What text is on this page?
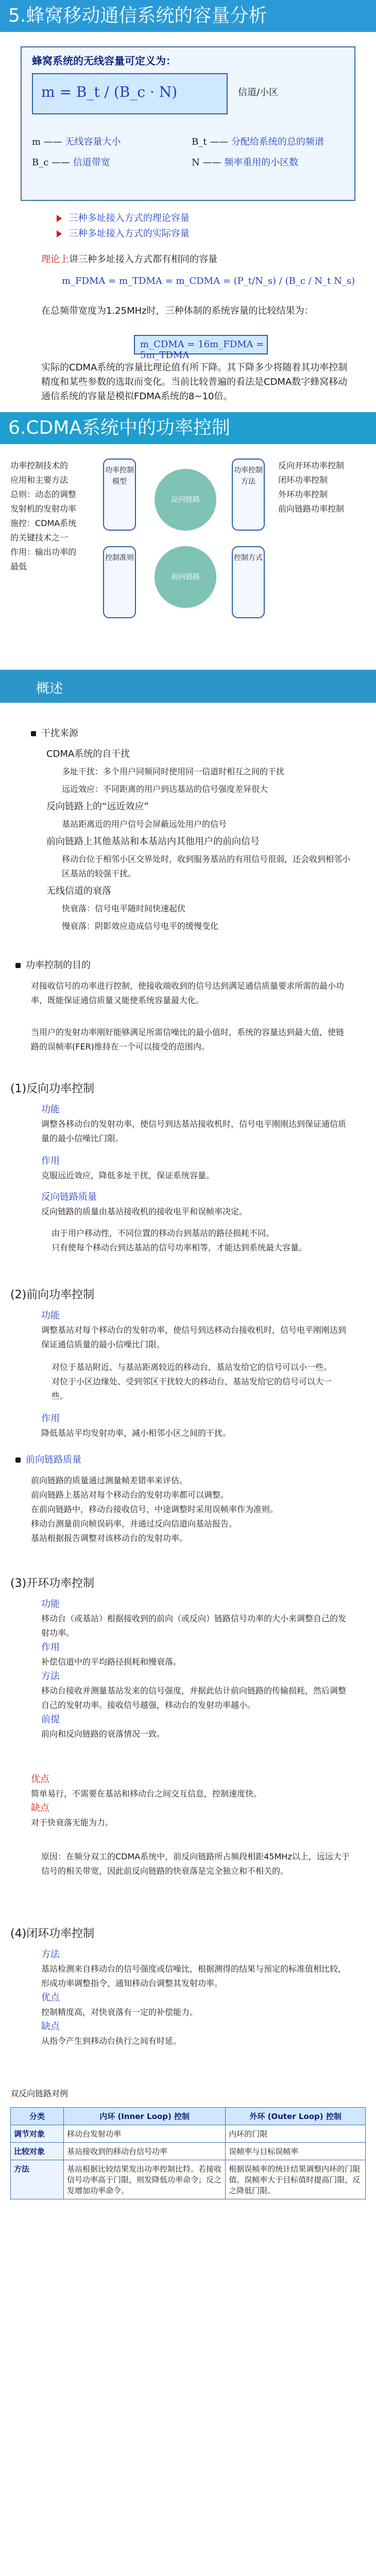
5.蜂窝移动通信系统的容量分析
蜂窝系统的无线容量可定义为：
m = B_t / (B_c · N)	信道/小区
m —— 无线容量大小	B_t —— 分配给系统的总的频谱
B_c —— 信道带宽	N —— 频率重用的小区数
三种多址接入方式的理论容量
三种多址接入方式的实际容量
理论上讲三种多址接入方式都有相同的容量
m_FDMA = m_TDMA = m_CDMA = (P_t/N_s) / (B_c / N_t N_s)
在总频带宽度为1.25MHz时，三种体制的系统容量的比较结果为：
m_CDMA = 16m_FDMA = 5m_TDMA
实际的CDMA系统的容量比理论值有所下降。其下降多少将随着其功率控制精度和某些参数的选取而变化。当前比较普遍的看法是CDMA数字蜂窝移动通信系统的容量是模拟FDMA系统的8~10倍。
6.CDMA系统中的功率控制
功率控制技术的
应用和主要方法
总则：动态的调整
发射机的发射功率
施控：CDMA系统
的关键技术之一
作用：输出功率的
最低
功率控制模型
控制准则
反向链路
前向链路
功率控制方法
控制方式
反向开环功率控制
闭环功率控制
外环功率控制
前向链路功率控制
概述
干扰来源
CDMA系统的自干扰
多址干扰：多个用户同频同时使用同一信道时相互之间的干扰
远近效应：不同距离的用户到达基站的信号强度差异很大
反向链路上的“远近效应”
基站距离近的用户信号会屏蔽远处用户的信号
前向链路上其他基站和本基站内其他用户的前向信号
移动台位于相邻小区交界处时，收到服务基站的有用信号很弱，还会收到相邻小区基站的较强干扰。
无线信道的衰落
快衰落：信号电平随时间快速起伏
慢衰落：阴影效应造成信号电平的缓慢变化
功率控制的目的
对接收信号的功率进行控制，使接收端收到的信号达到满足通信质量要求所需的最小功率，既能保证通信质量又能使系统容量最大化。
当用户的发射功率刚好能够满足所需信噪比的最小值时，系统的容量达到最大值，使链路的误帧率(FER)维持在一个可以接受的范围内。
(1)反向功率控制
功能
调整各移动台的发射功率，使信号到达基站接收机时，信号电平刚刚达到保证通信质量的最小信噪比门限。
作用
克服远近效应，降低多址干扰，保证系统容量。
反向链路质量
反向链路的质量由基站接收机的接收电平和误帧率决定。
由于用户移动性，不同位置的移动台到基站的路径损耗不同。
只有使每个移动台到达基站的信号功率相等，才能达到系统最大容量。
(2)前向功率控制
功能
调整基站对每个移动台的发射功率，使信号到达移动台接收机时，信号电平刚刚达到保证通信质量的最小信噪比门限。
对位于基站附近、与基站距离较近的移动台，基站发给它的信号可以小一些。
对位于小区边缘处、受到邻区干扰较大的移动台，基站发给它的信号可以大一些。
作用
降低基站平均发射功率，减小相邻小区之间的干扰。
前向链路质量
前向链路的质量通过测量帧差错率来评估。
前向链路上基站对每个移动台的发射功率都可以调整。
在前向链路中，移动台接收信号，中途调整时采用误帧率作为准则。
移动台测量前向帧误码率，并通过反向信道向基站报告。
基站根据报告调整对该移动台的发射功率。
(3)开环功率控制
功能
移动台（或基站）根据接收到的前向（或反向）链路信号功率的大小来调整自己的发射功率。
作用
补偿信道中的平均路径损耗和慢衰落。
方法
移动台接收并测量基站发来的信号强度，并据此估计前向链路的传输损耗，然后调整自己的发射功率。接收信号越强，移动台的发射功率越小。
前提
前向和反向链路的衰落情况一致。
优点
简单易行，不需要在基站和移动台之间交互信息，控制速度快。
缺点
对于快衰落无能为力。
原因：在频分双工的CDMA系统中，前反向链路所占频段相距45MHz以上，远远大于信号的相关带宽，因此前反向链路的快衰落是完全独立和不相关的。
(4)闭环功率控制
方法
基站检测来自移动台的信号强度或信噪比，根据测得的结果与预定的标准值相比较，形成功率调整指令，通知移动台调整其发射功率。
优点
控制精度高，对快衰落有一定的补偿能力。
缺点
从指令产生到移动台执行之间有时延。
双反向链路对例
分类	内环 (Inner Loop) 控制	外环 (Outer Loop) 控制
调节对象	移动台发射功率	内环的门限
比较对象	基站接收到的移动台信号功率	误帧率与目标误帧率
方法	基站根据比较结果发出功率控制比特。若接收信号功率高于门限，则发降低功率命令；反之发增加功率命令。	根据误帧率的统计结果调整内环的门限值。误帧率大于目标值时提高门限，反之降低门限。
